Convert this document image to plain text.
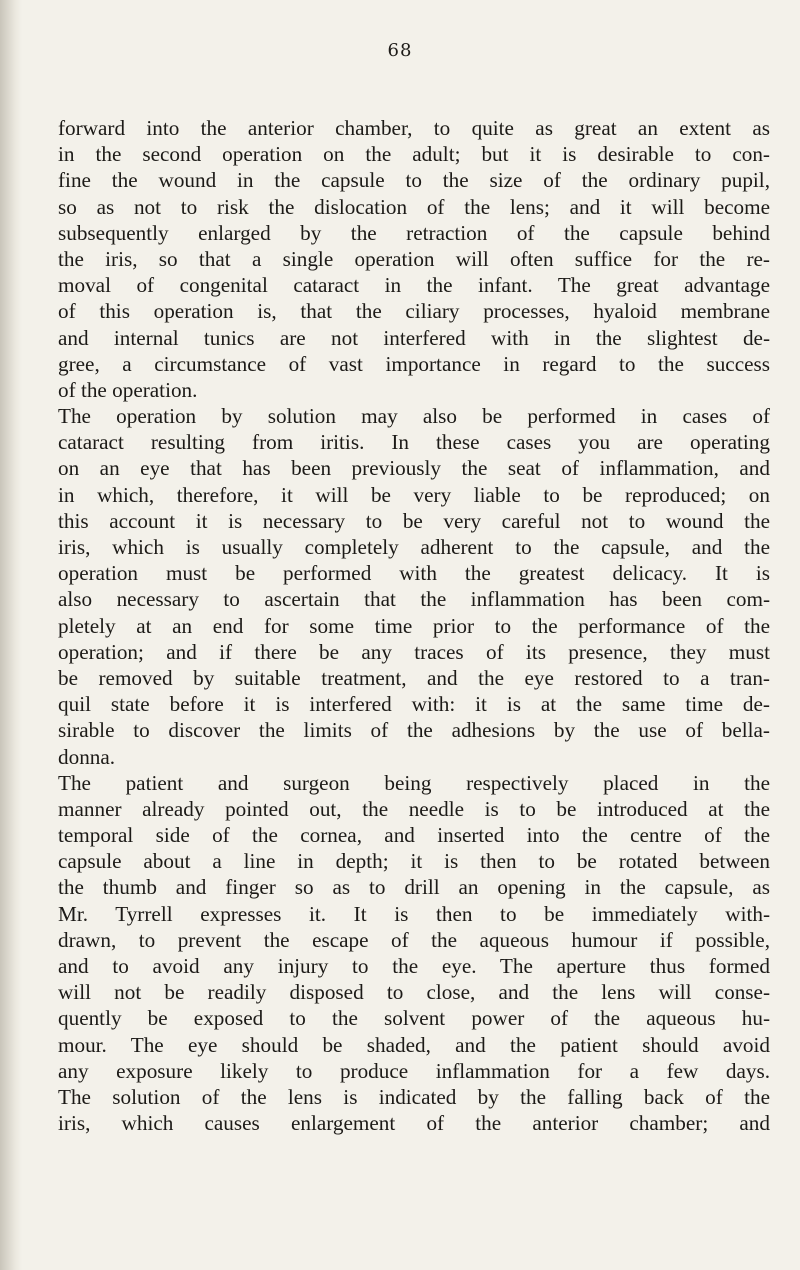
68
forward into the anterior chamber, to quite as great an extent as
in the second operation on the adult; but it is desirable to con-
fine the wound in the capsule to the size of the ordinary pupil,
so as not to risk the dislocation of the lens; and it will become
subsequently enlarged by the retraction of the capsule behind
the iris, so that a single operation will often suffice for the re-
moval of congenital cataract in the infant. The great advantage
of this operation is, that the ciliary processes, hyaloid membrane
and internal tunics are not interfered with in the slightest de-
gree, a circumstance of vast importance in regard to the success
of the operation.
The operation by solution may also be performed in cases of
cataract resulting from iritis. In these cases you are operating
on an eye that has been previously the seat of inflammation, and
in which, therefore, it will be very liable to be reproduced; on
this account it is necessary to be very careful not to wound the
iris, which is usually completely adherent to the capsule, and the
operation must be performed with the greatest delicacy. It is
also necessary to ascertain that the inflammation has been com-
pletely at an end for some time prior to the performance of the
operation; and if there be any traces of its presence, they must
be removed by suitable treatment, and the eye restored to a tran-
quil state before it is interfered with: it is at the same time de-
sirable to discover the limits of the adhesions by the use of bella-
donna.
The patient and surgeon being respectively placed in the
manner already pointed out, the needle is to be introduced at the
temporal side of the cornea, and inserted into the centre of the
capsule about a line in depth; it is then to be rotated between
the thumb and finger so as to drill an opening in the capsule, as
Mr. Tyrrell expresses it. It is then to be immediately with-
drawn, to prevent the escape of the aqueous humour if possible,
and to avoid any injury to the eye. The aperture thus formed
will not be readily disposed to close, and the lens will conse-
quently be exposed to the solvent power of the aqueous hu-
mour. The eye should be shaded, and the patient should avoid
any exposure likely to produce inflammation for a few days.
The solution of the lens is indicated by the falling back of the
iris, which causes enlargement of the anterior chamber; and
